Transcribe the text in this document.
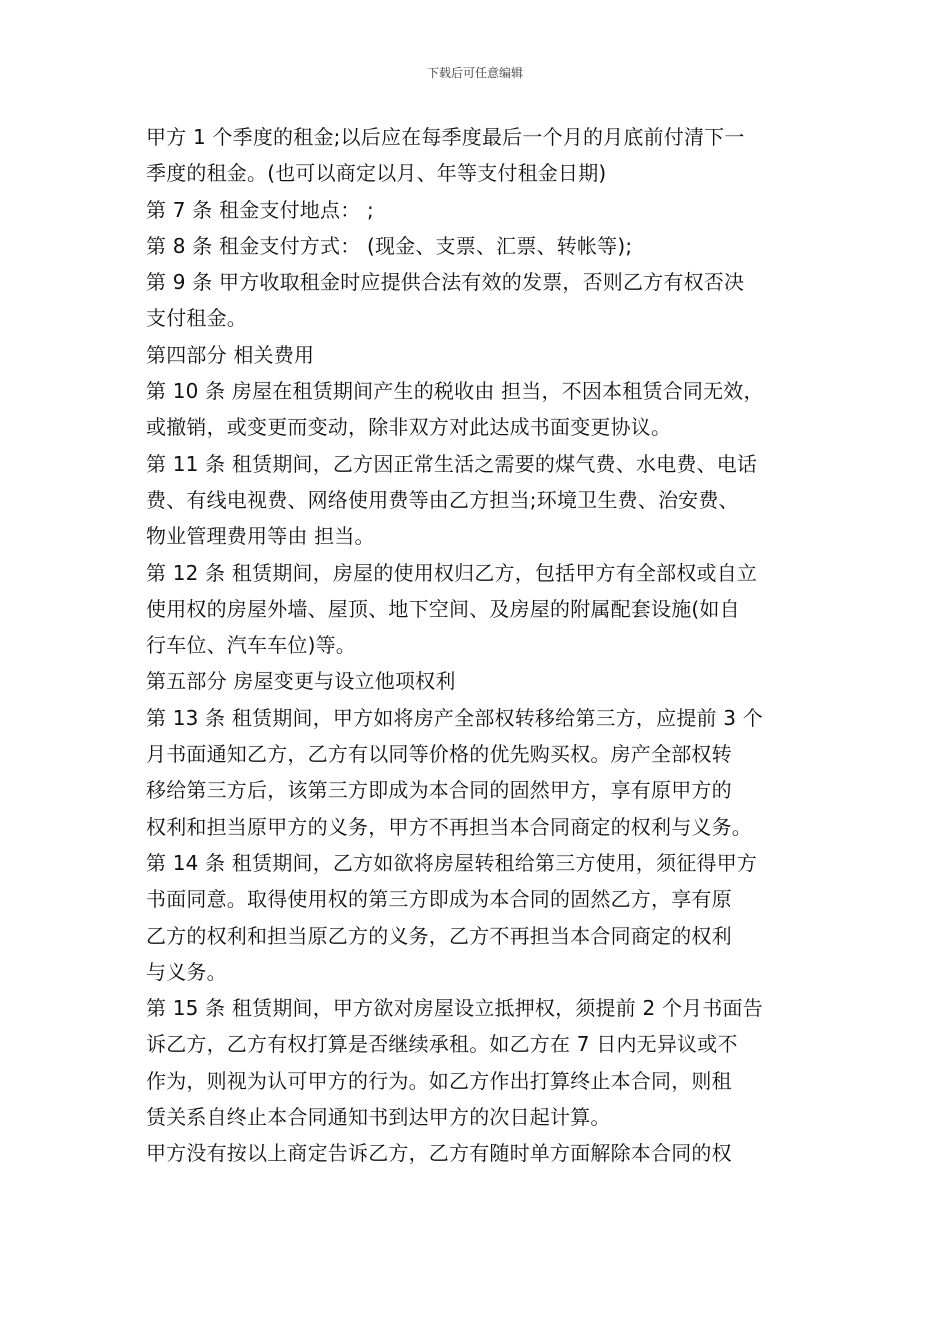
下载后可任意编辑
甲方 1 个季度的租金;以后应在每季度最后一个月的月底前付清下一
季度的租金。(也可以商定以月、年等支付租金日期)
第 7 条 租金支付地点： ;
第 8 条 租金支付方式： (现金、支票、汇票、转帐等);
第 9 条 甲方收取租金时应提供合法有效的发票，否则乙方有权否决
支付租金。
第四部分 相关费用
第 10 条 房屋在租赁期间产生的税收由 担当，不因本租赁合同无效，
或撤销，或变更而变动，除非双方对此达成书面变更协议。
第 11 条 租赁期间，乙方因正常生活之需要的煤气费、水电费、电话
费、有线电视费、网络使用费等由乙方担当;环境卫生费、治安费、
物业管理费用等由 担当。
第 12 条 租赁期间，房屋的使用权归乙方，包括甲方有全部权或自立
使用权的房屋外墙、屋顶、地下空间、及房屋的附属配套设施(如自
行车位、汽车车位)等。
第五部分 房屋变更与设立他项权利
第 13 条 租赁期间，甲方如将房产全部权转移给第三方，应提前 3 个
月书面通知乙方，乙方有以同等价格的优先购买权。房产全部权转
移给第三方后，该第三方即成为本合同的固然甲方，享有原甲方的
权利和担当原甲方的义务，甲方不再担当本合同商定的权利与义务。
第 14 条 租赁期间，乙方如欲将房屋转租给第三方使用，须征得甲方
书面同意。取得使用权的第三方即成为本合同的固然乙方，享有原
乙方的权利和担当原乙方的义务，乙方不再担当本合同商定的权利
与义务。
第 15 条 租赁期间，甲方欲对房屋设立抵押权，须提前 2 个月书面告
诉乙方，乙方有权打算是否继续承租。如乙方在 7 日内无异议或不
作为，则视为认可甲方的行为。如乙方作出打算终止本合同，则租
赁关系自终止本合同通知书到达甲方的次日起计算。
甲方没有按以上商定告诉乙方，乙方有随时单方面解除本合同的权
